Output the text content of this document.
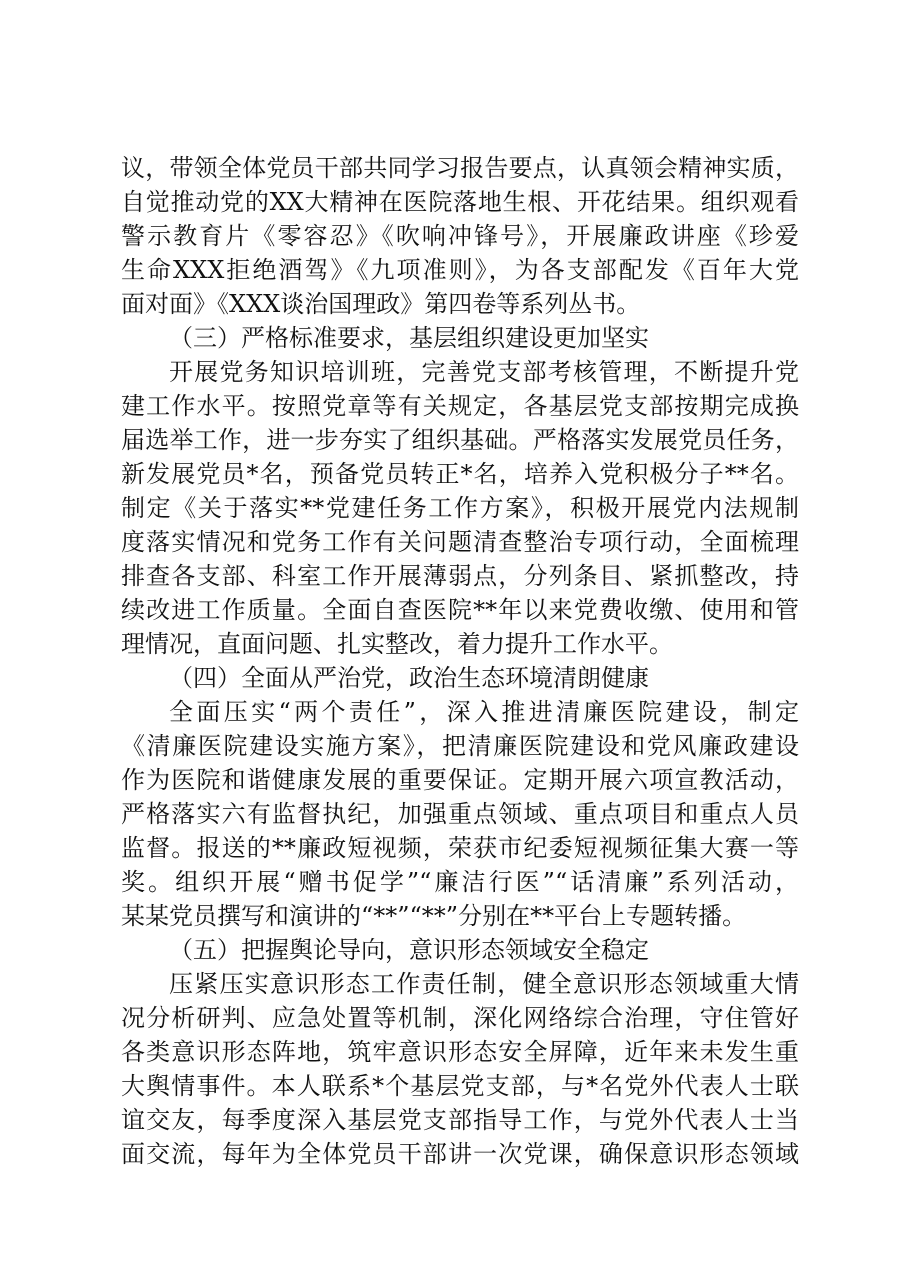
议，带领全体党员干部共同学习报告要点，认真领会精神实质，
自觉推动党的XX大精神在医院落地生根、开花结果。组织观看
警示教育片《零容忍》《吹响冲锋号》，开展廉政讲座《珍爱
生命XXX拒绝酒驾》《九项准则》，为各支部配发《百年大党
面对面》《XXX谈治国理政》第四卷等系列丛书。
（三）严格标准要求，基层组织建设更加坚实
开展党务知识培训班，完善党支部考核管理，不断提升党
建工作水平。按照党章等有关规定，各基层党支部按期完成换
届选举工作，进一步夯实了组织基础。严格落实发展党员任务，
新发展党员*名，预备党员转正*名，培养入党积极分子**名。
制定《关于落实**党建任务工作方案》，积极开展党内法规制
度落实情况和党务工作有关问题清查整治专项行动，全面梳理
排查各支部、科室工作开展薄弱点，分列条目、紧抓整改，持
续改进工作质量。全面自查医院**年以来党费收缴、使用和管
理情况，直面问题、扎实整改，着力提升工作水平。
（四）全面从严治党，政治生态环境清朗健康
全面压实“两个责任”，深入推进清廉医院建设，制定
《清廉医院建设实施方案》，把清廉医院建设和党风廉政建设
作为医院和谐健康发展的重要保证。定期开展六项宣教活动，
严格落实六有监督执纪，加强重点领域、重点项目和重点人员
监督。报送的**廉政短视频，荣获市纪委短视频征集大赛一等
奖。组织开展“赠书促学”“廉洁行医”“话清廉”系列活动，
某某党员撰写和演讲的“**”“**”分别在**平台上专题转播。
（五）把握舆论导向，意识形态领域安全稳定
压紧压实意识形态工作责任制，健全意识形态领域重大情
况分析研判、应急处置等机制，深化网络综合治理，守住管好
各类意识形态阵地，筑牢意识形态安全屏障，近年来未发生重
大舆情事件。本人联系*个基层党支部，与*名党外代表人士联
谊交友，每季度深入基层党支部指导工作，与党外代表人士当
面交流，每年为全体党员干部讲一次党课，确保意识形态领域
